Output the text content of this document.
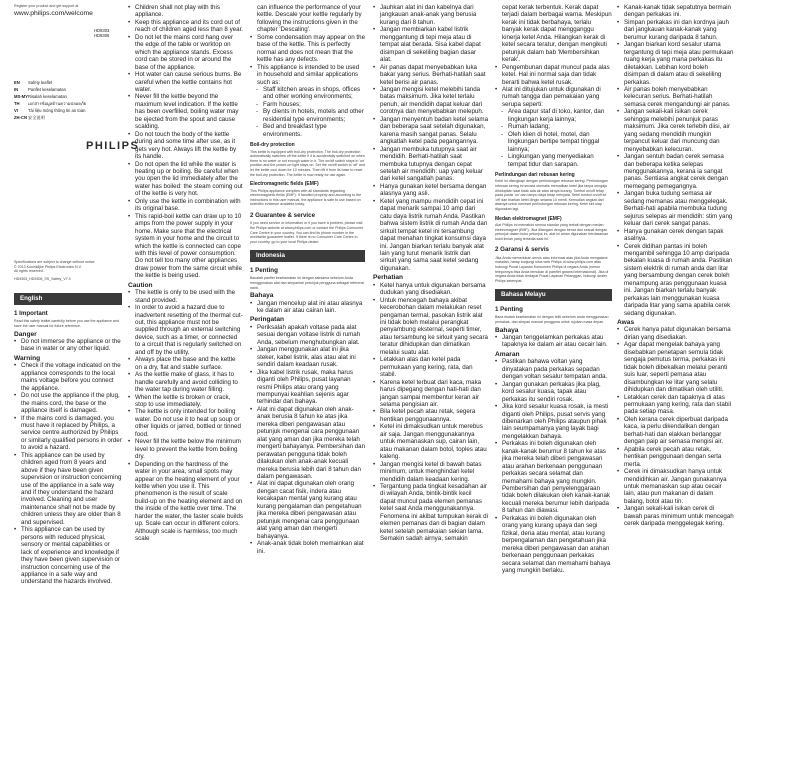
Register your product and get support at
www.philips.com/welcome
HD9303
HD9306
EN Safety leaflet
IN Panflet keselamatan
MS-MYRisalah keselamatan
TH เอกสารข้อมูลด้านความปลอดภัย
VI Tài liệu mỏng thông tin an toàn
ZH-CN安全说明
PHILIPS
Specifications are subject to change without notice
© 2013 Koninklijke Philips Electronics N.V.
All rights reserved.
HD9303_HD9306_SS_Safety_V7.0
English
1 Important
Read this safety leaflet carefully before you use the appliance and save the user manual for future reference.
Danger
• Do not immerse the appliance or the base in water or any other liquid.
Warning
• Check if the voltage indicated on the appliance corresponds to the local mains voltage before you connect the appliance.
• Do not use the appliance if the plug, the mains cord, the base or the appliance itself is damaged.
• If the mains cord is damaged, you must have it replaced by Philips, a service centre authorized by Philips or similarly qualified persons in order to avoid a hazard.
• This appliance can be used by children aged from 8 years and above if they have been given supervision or instruction concerning use of the appliance in a safe way and if they understand the hazard involved. Cleaning and user maintenance shall not be made by children unless they are older than 8 and supervised.
• This appliance can be used by persons with reduced physical, sensory or mental capabilities or lack of experience and knowledge if they have been given supervision or instruction concerning use of the appliance in a safe way and understand the hazards involved.
• Children shall not play with this appliance.
• Keep this appliance and its cord out of reach of children aged less than 8 year.
• Do not let the mains cord hang over the edge of the table or worktop on which the appliance stands. Excess cord can be stored in or around the base of the appliance.
• Hot water can cause serious burns. Be careful when the kettle contains hot water.
• Never fill the kettle beyond the maximum level indication. If the kettle has been overfilled, boiling water may be ejected from the spout and cause scalding.
• Do not touch the body of the kettle during and some time after use, as it gets very hot. Always lift the kettle by its handle.
• Do not open the lid while the water is heating up or boiling. Be careful when you open the lid immediately after the water has boiled: the steam coming out of the kettle is very hot.
• Only use the kettle in combination with its original base.
• This rapid-boil kettle can draw up to 10 amps from the power supply in your home. Make sure that the electrical system in your home and the circuit to which the kettle is connected can cope with this level of power consumption. Do not tell too many other appliances draw power from the same circuit while the kettle is being used.
Caution
• The kettle is only to be used with the stand provided.
• In order to avoid a hazard due to inadvertent resetting of the thermal cut-out, this appliance must not be supplied through an external switching device, such as a timer, or connected to a circuit that is regularly switched on and off by the utility.
• Always place the base and the kettle on a dry, flat and stable surface.
• As the kettle make of glass, it has to handle carefully and avoid colliding to the water tap during water filling.
• When the kettle is broken or crack, stop to use immediately.
• The kettle is only intended for boiling water. Do not use it to heat up soup or other liquids or jarred, bottled or tinned food.
• Never fill the kettle below the minimum level to prevent the kettle from boiling dry.
• Depending on the hardness of the water in your area, small spots may appear on the heating element of your kettle when you use it. This phenomenon is the result of scale build-up on the heating element and on the inside of the kettle over time. The harder the water, the faster scale builds up. Scale can occur in different colors. Although scale is harmless, too much scale
can influence the performance of your kettle. Descale your kettle regularly by following the instructions given in the chapter 'Descaling'.
• Some condensation may appear on the base of the kettle. This is perfectly normal and does not mean that the kettle has any defects.
• This appliance is intended to be used in household and similar applications such as:
- Staff kitchen areas in shops, offices and other working environments;
- Farm houses;
- By clients in hotels, motels and other residential type environments;
- Bed and breakfast type environments.
Boil-dry protection
This kettle is equipped with boil-dry protection. The boil-dry protection automatically switches off the kettle if it is accidentally switched on when there is no water or not enough water in it. The on/off switch stays in 'on' position and the power-on light stays on. Set the on/off switch to 'off' and let the kettle cool down for 10 minutes. Then lift it from its base to reset the boil-dry protection. The kettle is now ready for use again.
Electromagnetic fields (EMF)
This Philips appliance complies with all standards regarding electromagnetic fields (EMF). If handled properly and according to the instructions in this user manual, the appliance is safe to use based on scientific evidence available today.
2 Guarantee & service
If you need service or information or if you have a problem, please visit the Philips website at www.philips.com or contact the Philips Consumer Care Centre in your country. You can find its phone number in the worldwide guarantee leaflet. If there is no Consumer Care Centre in your country, go to your local Philips dealer.
Indonesia
1 Penting
Bacalah panflet keselamatan ini dengan saksama sebelum Anda menggunakan alat dan simpanlah petunjuk pengguna sebagai referensi nanti.
Bahaya
• Jangan mencelup alat ini atau alasnya ke dalam air atau cairan lain.
Peringatan
• Periksalah apakah voltase pada alat sesuai dengan voltase listrik di rumah Anda, sebelum menghubungkan alat.
• Jangan menggunakan alat ini jika steker, kabel listrik, alas atau alat ini sendiri dalam keadaan rusak.
• Jika kabel listrik rusak, maka harus diganti oleh Philips, pusat layanan resmi Philips atau orang yang mempunyai keahlian sejenis agar terhindar dari bahaya.
• Alat ini dapat digunakan oleh anak-anak berusia 8 tahun ke atas jika mereka diberi pengawasan atau petunjuk mengenai cara penggunaan alat yang aman dan jika mereka telah mengerti bahayanya. Pembersihan dan perawatan pengguna tidak boleh dilakukan oleh anak-anak kecuali mereka berusia lebih dari 8 tahun dan dalam pengawasan.
• Alat ini dapat digunakan oleh orang dengan cacat fisik, indera atau kecakapan mental yang kurang atau kurang pengalaman dan pengetahuan jika mereka diberi pengawasan atau petunjuk mengenai cara penggunaan alat yang aman dan mengerti bahayanya.
• Anak-anak tidak boleh memainkan alat ini.
• Jauhkan alat ini dan kabelnya dari jangkauan anak-anak yang berusia kurang dari 8 tahun.
• Jangan membiarkan kabel listrik menggantung di tepi meja atau di tempat alat berada. Sisa kabel dapat disimpan di sekeliling bagian dasar alat.
• Air panas dapat menyebabkan luka bakar yang serius. Berhati-hatilah saat ketel berisi air panas.
• Jangan mengisi ketel melebihi tanda batas maksimum. Jika ketel terlalu penuh, air mendidih dapat keluar dari corotnya dan menyebabkan melepuh.
• Jangan menyentuh badan ketel selama dan beberapa saat setelah digunakan, karena masih sangat panas. Selalu angkatlah ketel pada pegangannya.
• Jangan membuka tutupnya saat air mendidih. Berhati-hatilah saat membuka tutupnya dengan cepat setelah air mendidih: uap yang keluar dari ketel sangatlah panas.
• Hanya gunakan ketel bersama dengan alasnya yang asli.
• Ketel yang mampu mendidih cepat ini dapat menarik sampai 10 amp dari catu daya listrik rumah Anda. Pastikan bahwa sistem listrik di rumah Anda dan sirkuit tempat ketel ini tersambung dapat menahan tingkat konsumsi daya ini. Jangan biarkan terlalu banyak alat lain yang turut menarik listrik dan sirkuit yang sama saat ketel sedang digunakan.
Perhatian
• Ketel hanya untuk digunakan bersama dudukan yang disediakan.
• Untuk mencegah bahaya akibat kecerobohan dalam melakukan reset pengaman termal, pasokan listrik alat ini tidak boleh melalui perangkat penyambung eksternal, seperti timer, atau tersambung ke sirkuit yang secara teratur dihidupkan dan dimatikan melalui suatu alat.
• Letakkan alas dan ketel pada permukaan yang kering, rata, dan stabil.
• Karena ketel terbuat dari kaca, maka harus dipegang dengan hati-hati dan jangan sampai membentur keran air selama pengisian air.
• Bila ketel pecah atau retak, segera hentikan penggunaannya.
• Ketel ini dimaksudkan untuk merebus air saja. Jangan menggunakannya untuk memanaskan sup, cairan lain, atau makanan dalam botol, toples atau kaleng.
• Jangan mengisi ketel di bawah batas minimum, untuk menghindari ketel mendidih dalam keadaan kering.
• Tergantung pada tingkat kesadahan air di wilayah Anda, bintik-bintik kecil dapat muncul pada elemen pemanas ketel saat Anda menggunakannya. Fenomena ini akibat tumpukan kerak di elemen pemanas dan di bagian dalam ketel setelah pemakaian sekian lama. Semakin sadah airnya, semakin
cepat kerak terbentuk. Kerak dapat terjadi dalam berbagai warna. Meskipun kerak ini tidak berbahaya, terlalu banyak kerak dapat mengganggu kinerja ketel Anda. Hilangkan kerak di ketel secara teratur, dengan mengikuti petunjuk dalam bab 'Membersihkan kerak'.
• Pengembunan dapat muncul pada alas ketel. Hal ini normal saja dan tidak berarti bahwa ketel rusak.
• Alat ini ditujukan untuk digunakan di rumah tangga dan pemakaian yang serupa seperti:
- Area dapur staf di toko, kantor, dan lingkungan kerja lainnya;
- Rumah ladang;
- Oleh klien di hotel, motel, dan lingkungan bertipe tempat tinggal lainnya;
- Lingkungan yang menyediakan tempat tidur dan sarapan.
Perlindungan dari rebusan kering
Ketel ini dilengkapi dengan perlindungan rebusan kering. Perlindungan rebusan kering ini secara otomatis mematikan ketel jika tanpa sengaja dihidupkan saat tidak ada air atau airnya kurang. Tombol on/off tetap pada posisi 'on' dan lampu daya tetap menyala. Setel tombol on/off ke 'off' dan biarkan ketel dingin selama 10 menit. Kemudian angkat dari alasnya untuk mereset perlindungan rebusan kering. Ketel kini siap digunakan lagi.
Medan elektromagnet (EMF)
Alat Philips ini mematuhi semua standar yang terkait dengan medan elektromagnet (EMF). Jika ditangani dengan benar dan sesuai dengan petunjuk dalam buku petunjuk ini, alat ini aman digunakan berdasarkan bukti ilmiah yang tersedia saat ini.
2 Garansi & servis
Jika Anda memerlukan servis atau informasi atau jika Anda mengalami masalah, harap kunjungi situs web Philips di www.philips.com atau hubungi Pusat Layanan Konsumen Philips di negara Anda (nomor teleponnya bisa Anda temukan di pamflet garansi internasional). Jika di negara Anda tidak terdapat Pusat Layanan Pelanggan, hubungi dealer Philips setempat.
Bahasa Melayu
1 Penting
Baca risalah keselamatan ini dengan teliti sebelum anda menggunakan perkakas, dan simpan manual pengguna untuk rujukan masa depan.
Bahaya
• Jangan tenggelamkan perkakas atau tapaknya ke dalam air atau cecair lain.
Amaran
• Pastikan bahawa voltan yang dinyatakan pada perkakas sepadan dengan voltan sesalur tempatan anda.
• Jangan gunakan perkakas jika plag, kord sesalur kuasa, tapak atau perkakas itu sendiri rosak.
• Jika kord sesalur kuasa rosak, ia mesti diganti oleh Philips, pusat servis yang dibenarkan oleh Philips ataupun pihak lain seumpamanya yang layak bagi mengelakkan bahaya.
• Perkakas ini boleh digunakan oleh kanak-kanak berumur 8 tahun ke atas jika mereka telah diberi pengawasan atau arahan berkenaan penggunaan perkakas secara selamat dan memahami bahaya yang mungkin. Pembersihan dan penyelenggaraan tidak boleh dilakukan oleh kanak-kanak kecuali mereka berumur lebih daripada 8 tahun dan diawasi.
• Perkakas ini boleh digunakan oleh orang yang kurang upaya dan segi fizikal, deria atau mental, atau kurang berpengalaman dan pengetahuan jika mereka diberi pengawasan dan arahan berkenaan penggunaan perkakas secara selamat dan memahami bahaya yang mungkin berlaku.
• Kanak-kanak tidak sepatutnya bermain dengan perkakas ini.
• Simpan perkakas ini dan kordnya jauh dari jangkauan kanak-kanak yang berumur kurang daripada 8 tahun.
• Jangan biarkan kord sesalur utama tergantung di tepi meja atau permukaan ruang kerja yang mana perkakas itu diletakkan. Lebihan kord boleh disimpan di dalam atau di sekeliling perkakas.
• Air panas boleh menyebabkan kelecuran serius. Berhati-hatilah semasa cerek mengandungi air panas.
• Jangan sekali-kali isikan cerek sehingga melebihi penunjuk paras maksimum. Jika cerek terlebih diisi, air yang sedang mendidih mungkin terpancut keluar dari muncung dan menyebabkan kelecuran.
• Jangan sentuh badan cerek semasa dan beberapa ketika selepas menggunakannya, kerana ia sangat panas. Sentiasa angkat cerek dengan memegang pemegangnya.
• Jangan buka tudung semasa air sedang memanas atau menggelegak. Berhati-hati apabila membuka tudung sejurus selepas air mendidih: stim yang keluar dari cerek sangat panas.
• Hanya gunakan cerek dengan tapak asalnya.
• Cerek didihan pantas ini boleh mengambil sehingga 10 amp daripada bekalan kuasa di rumah anda. Pastikan sistem elektrik di rumah anda dan litar yang bersambung dengan cerek boleh menampung aras penggunaan kuasa ini. Jangan biarkan terlalu banyak perkakas lain menggunakan kuasa daripada litar yang sama apabila cerek sedang digunakan.
Awas
• Cerek hanya patut digunakan bersama dirian yang disediakan.
• Agar dapat mengelak bahaya yang disebabkan penetapan semula tidak sengaja pemutus terma, perkakas ini tidak boleh dibekalkan melalui peranti suis luar, seperti pemasa atau disambungkan ke litar yang selalu dihidupkan dan dimatikan oleh utiliti.
• Letakkan cerek dan tapaknya di atas permukaan yang kering, rata dan stabil pada setiap masa.
• Oleh kerana cerek diperbuat daripada kaca, ia perlu dikendalikan dengan berhati-hati dan elakkan berlanggar dengan paip air semasa mengisi air.
• Apabila cerek pecah atau retak, hentikan penggunaan dengan serta merta.
• Cerek ini dimaksudkan hanya untuk mendidihkan air. Jangan gunakannya untuk memanaskan sup atau cecair lain, atau pun makanan di dalam balang, botol atau tin.
• Jangan sekali-kali isikan cerek di bawah paras minimum untuk mencegah cerek daripada menggelegak kering.
